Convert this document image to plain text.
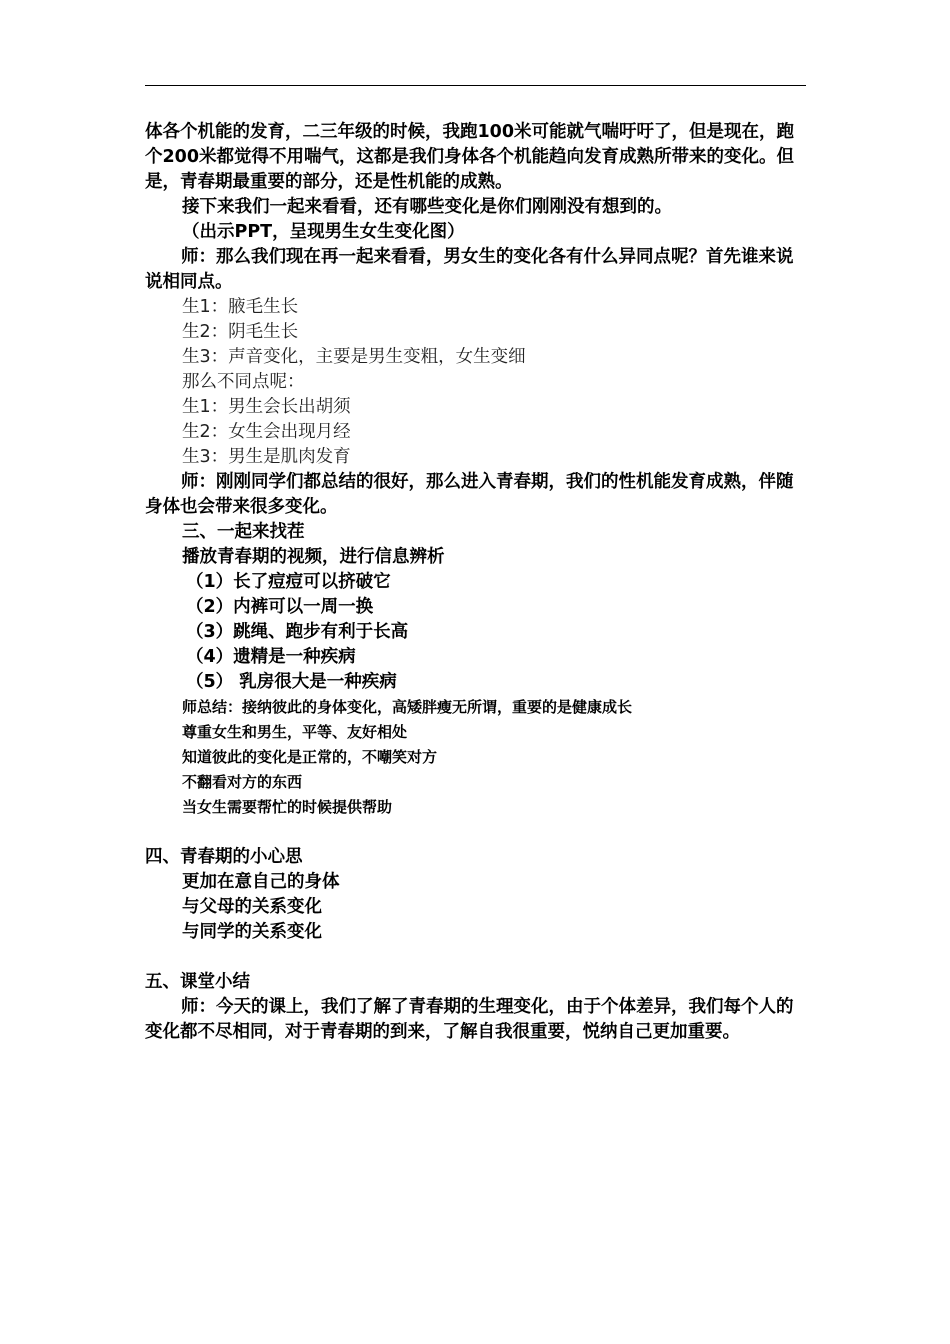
体各个机能的发育，二三年级的时候，我跑100米可能就气喘吁吁了，但是现在，跑个200米都觉得不用喘气，这都是我们身体各个机能趋向发育成熟所带来的变化。但是，青春期最重要的部分，还是性机能的成熟。

接下来我们一起来看看，还有哪些变化是你们刚刚没有想到的。

（出示PPT，呈现男生女生变化图）

师：那么我们现在再一起来看看，男女生的变化各有什么异同点呢？首先谁来说说相同点。

生1：腋毛生长

生2：阴毛生长

生3：声音变化，主要是男生变粗，女生变细

那么不同点呢：

生1：男生会长出胡须

生2：女生会出现月经

生3：男生是肌肉发育

师：刚刚同学们都总结的很好，那么进入青春期，我们的性机能发育成熟，伴随身体也会带来很多变化。

三、一起来找茬

播放青春期的视频，进行信息辨析

（1）长了痘痘可以挤破它

（2）内裤可以一周一换

（3）跳绳、跑步有利于长高

（4）遗精是一种疾病

（5） 乳房很大是一种疾病

师总结：接纳彼此的身体变化，高矮胖瘦无所谓，重要的是健康成长

尊重女生和男生，平等、友好相处

知道彼此的变化是正常的，不嘲笑对方

不翻看对方的东西

当女生需要帮忙的时候提供帮助

四、青春期的小心思

更加在意自己的身体

与父母的关系变化

与同学的关系变化

五、课堂小结

师：今天的课上，我们了解了青春期的生理变化，由于个体差异，我们每个人的变化都不尽相同，对于青春期的到来，了解自我很重要，悦纳自己更加重要。
